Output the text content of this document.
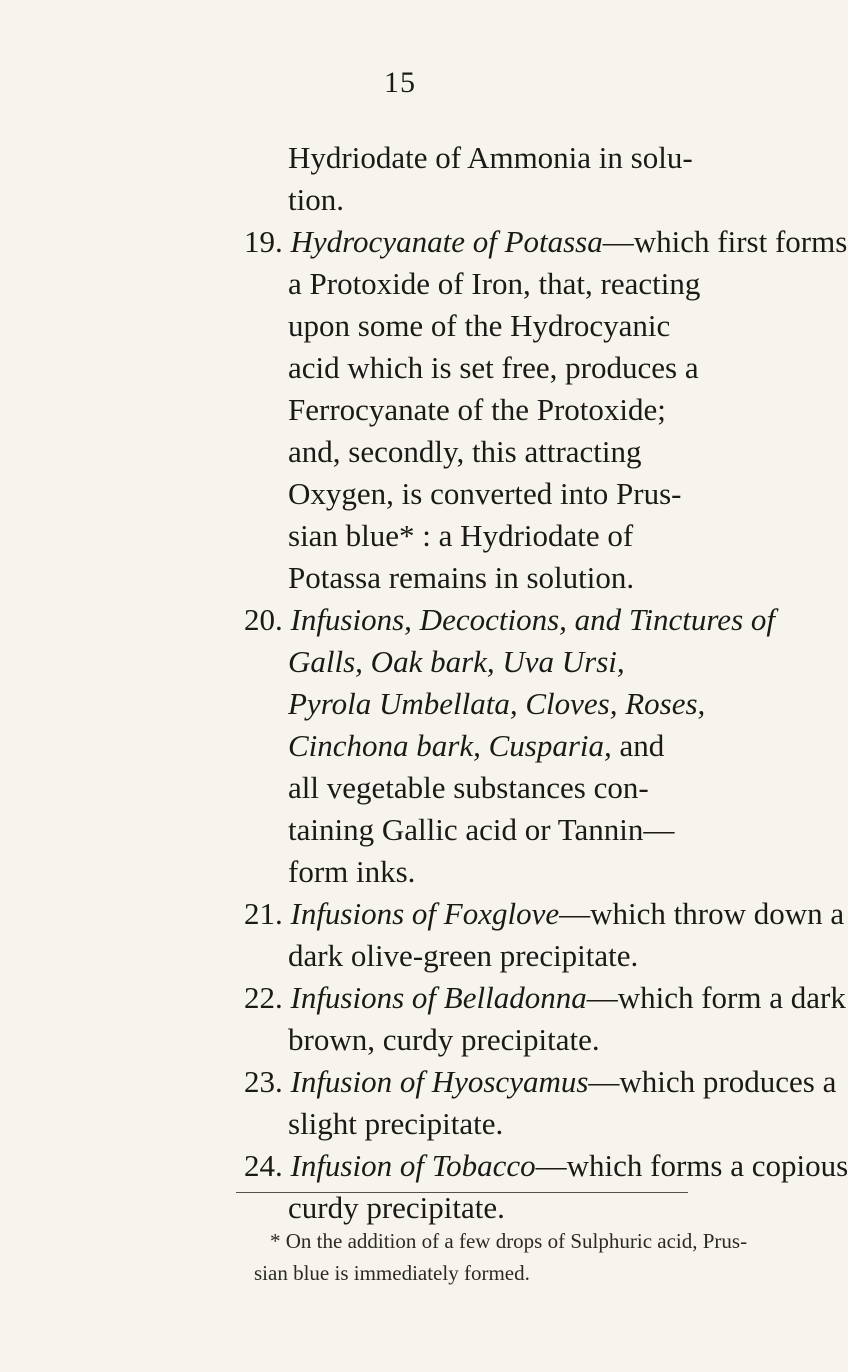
15
Hydriodate of Ammonia in solu-
tion.
19. Hydrocyanate of Potassa—which first forms
a Protoxide of Iron, that, reacting
upon some of the Hydrocyanic
acid which is set free, produces a
Ferrocyanate of the Protoxide;
and, secondly, this attracting
Oxygen, is converted into Prus-
sian blue* : a Hydriodate of
Potassa remains in solution.
20. Infusions, Decoctions, and Tinctures of
Galls, Oak bark, Uva Ursi,
Pyrola Umbellata, Cloves, Roses,
Cinchona bark, Cusparia, and
all vegetable substances con-
taining Gallic acid or Tannin—
form inks.
21. Infusions of Foxglove—which throw down a
dark olive-green precipitate.
22. Infusions of Belladonna—which form a dark
brown, curdy precipitate.
23. Infusion of Hyoscyamus—which produces a
slight precipitate.
24. Infusion of Tobacco—which forms a copious
curdy precipitate.
* On the addition of a few drops of Sulphuric acid, Prus-
sian blue is immediately formed.
